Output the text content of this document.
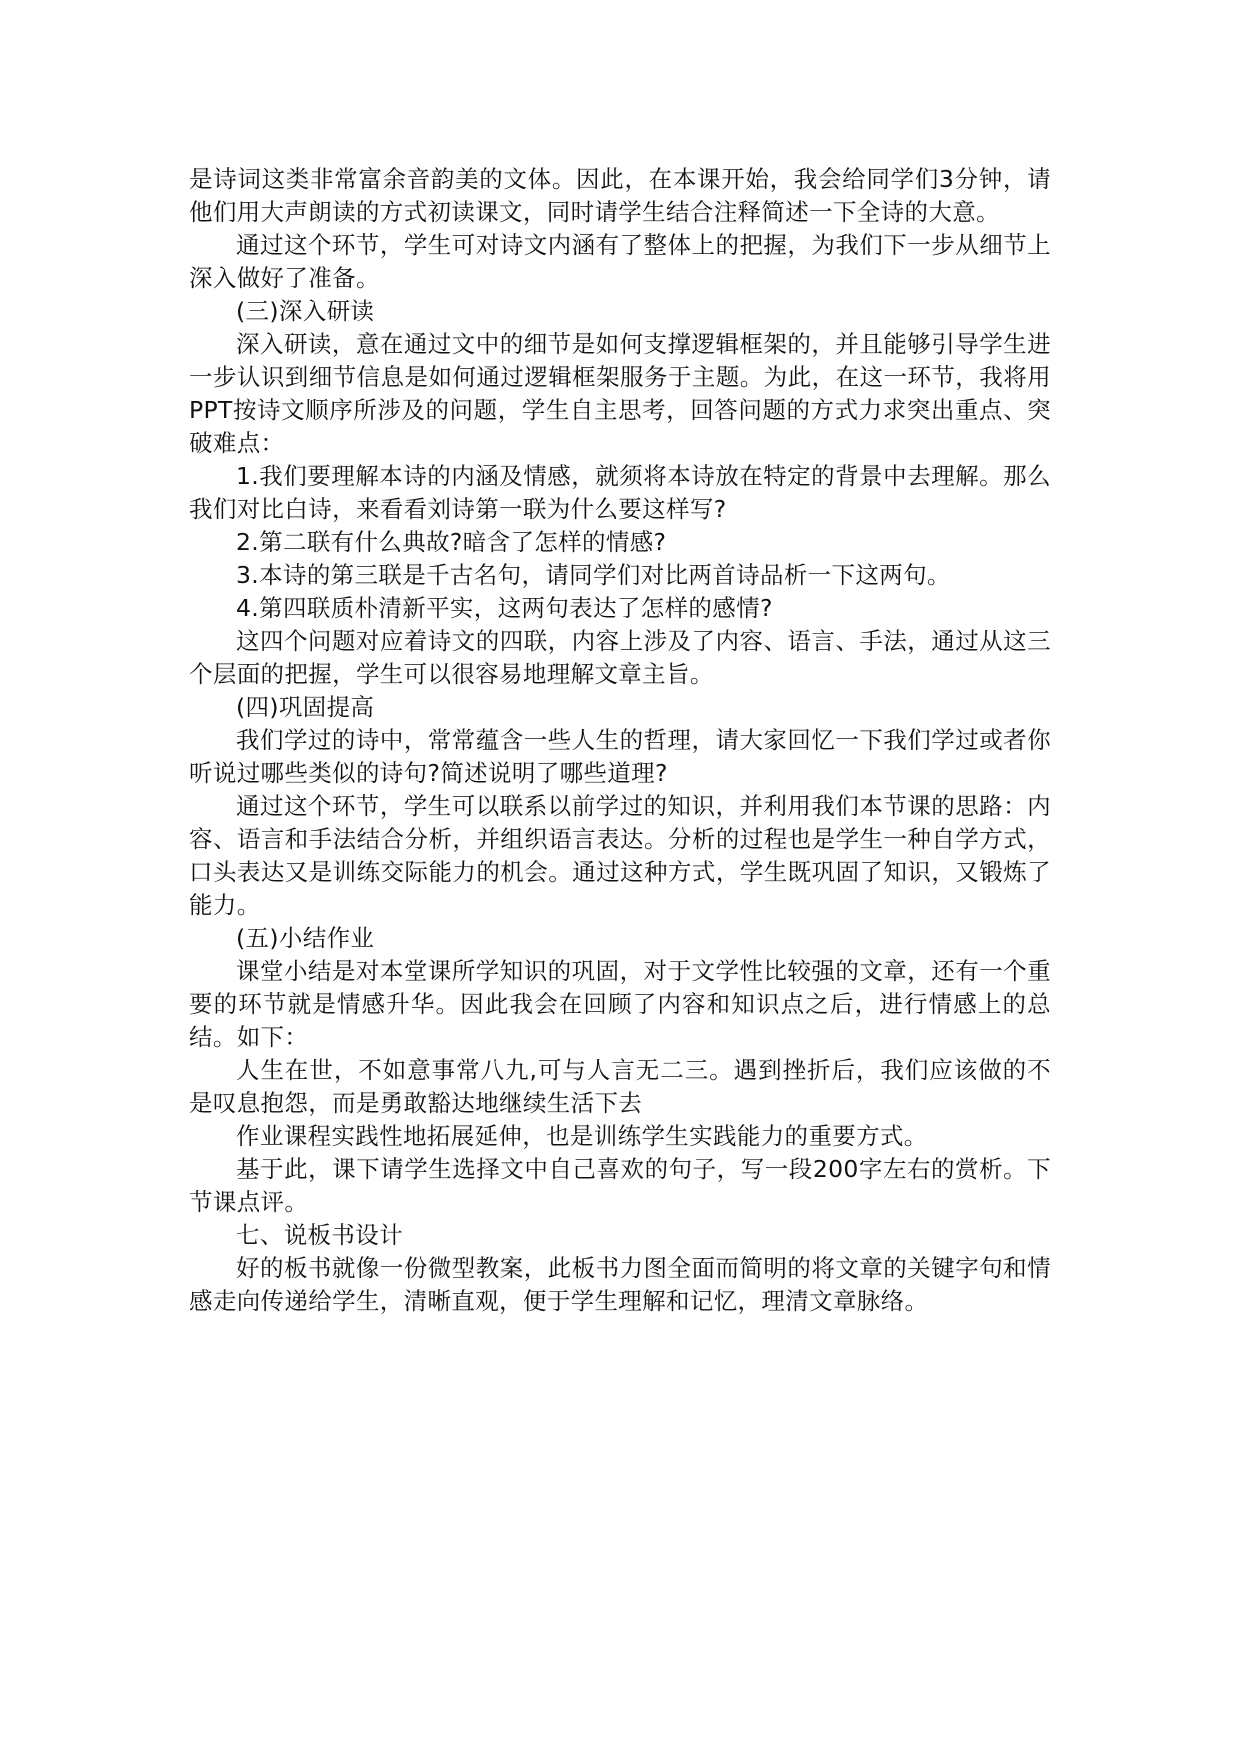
是诗词这类非常富余音韵美的文体。因此，在本课开始，我会给同学们3分钟，请他们用大声朗读的方式初读课文，同时请学生结合注释简述一下全诗的大意。

通过这个环节，学生可对诗文内涵有了整体上的把握，为我们下一步从细节上深入做好了准备。

(三)深入研读

深入研读，意在通过文中的细节是如何支撑逻辑框架的，并且能够引导学生进一步认识到细节信息是如何通过逻辑框架服务于主题。为此，在这一环节，我将用PPT按诗文顺序所涉及的问题，学生自主思考，回答问题的方式力求突出重点、突破难点：

1.我们要理解本诗的内涵及情感，就须将本诗放在特定的背景中去理解。那么我们对比白诗，来看看刘诗第一联为什么要这样写?

2.第二联有什么典故?暗含了怎样的情感?

3.本诗的第三联是千古名句，请同学们对比两首诗品析一下这两句。

4.第四联质朴清新平实，这两句表达了怎样的感情?

这四个问题对应着诗文的四联，内容上涉及了内容、语言、手法，通过从这三个层面的把握，学生可以很容易地理解文章主旨。

(四)巩固提高

我们学过的诗中，常常蕴含一些人生的哲理，请大家回忆一下我们学过或者你听说过哪些类似的诗句?简述说明了哪些道理?

通过这个环节，学生可以联系以前学过的知识，并利用我们本节课的思路：内容、语言和手法结合分析，并组织语言表达。分析的过程也是学生一种自学方式，口头表达又是训练交际能力的机会。通过这种方式，学生既巩固了知识，又锻炼了能力。

(五)小结作业

课堂小结是对本堂课所学知识的巩固，对于文学性比较强的文章，还有一个重要的环节就是情感升华。因此我会在回顾了内容和知识点之后，进行情感上的总结。如下：

人生在世，不如意事常八九,可与人言无二三。遇到挫折后，我们应该做的不是叹息抱怨，而是勇敢豁达地继续生活下去

作业课程实践性地拓展延伸，也是训练学生实践能力的重要方式。

基于此，课下请学生选择文中自己喜欢的句子，写一段200字左右的赏析。下节课点评。

七、说板书设计

好的板书就像一份微型教案，此板书力图全面而简明的将文章的关键字句和情感走向传递给学生，清晰直观，便于学生理解和记忆，理清文章脉络。
